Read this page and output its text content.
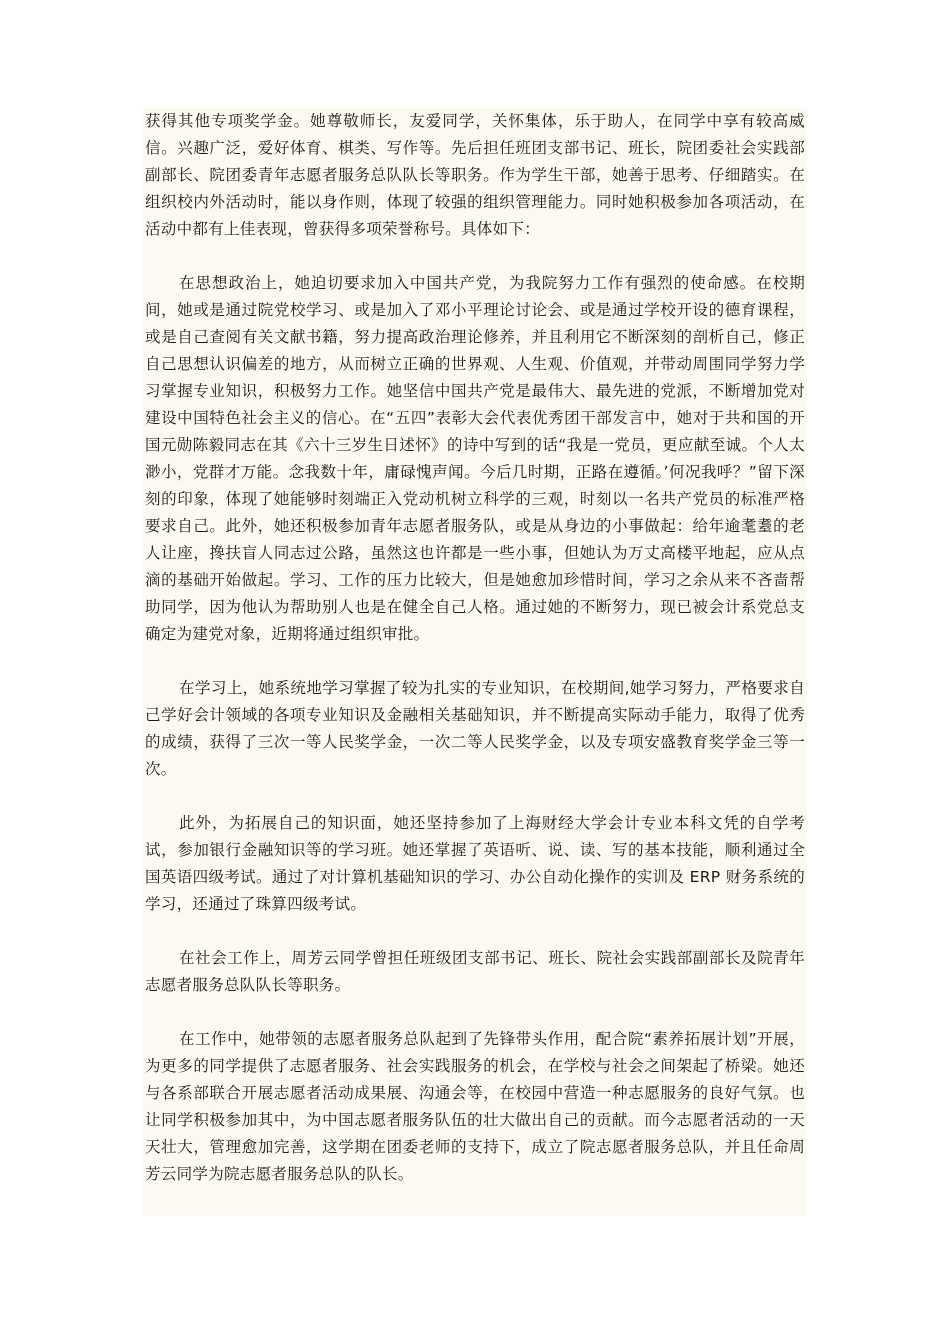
获得其他专项奖学金。她尊敬师长，友爱同学，关怀集体，乐于助人，在同学中享有较高威信。兴趣广泛，爱好体育、棋类、写作等。先后担任班团支部书记、班长，院团委社会实践部副部长、院团委青年志愿者服务总队队长等职务。作为学生干部，她善于思考、仔细踏实。在组织校内外活动时，能以身作则，体现了较强的组织管理能力。同时她积极参加各项活动，在活动中都有上佳表现，曾获得多项荣誉称号。具体如下：

在思想政治上，她迫切要求加入中国共产党，为我院努力工作有强烈的使命感。在校期间，她或是通过院党校学习、或是加入了邓小平理论讨论会、或是通过学校开设的德育课程，或是自己查阅有关文献书籍，努力提高政治理论修养，并且利用它不断深刻的剖析自己，修正自己思想认识偏差的地方，从而树立正确的世界观、人生观、价值观，并带动周围同学努力学习掌握专业知识，积极努力工作。她坚信中国共产党是最伟大、最先进的党派，不断增加党对建设中国特色社会主义的信心。在“五四”表彰大会代表优秀团干部发言中，她对于共和国的开国元勋陈毅同志在其《六十三岁生日述怀》的诗中写到的话“我是一党员，更应献至诚。个人太渺小，党群才万能。念我数十年，庸碌愧声闻。今后几时期，正路在遵循。’何况我呼？”留下深刻的印象，体现了她能够时刻端正入党动机树立科学的三观，时刻以一名共产党员的标准严格要求自己。此外，她还积极参加青年志愿者服务队，或是从身边的小事做起：给年逾耄耋的老人让座，搀扶盲人同志过公路，虽然这也许都是一些小事，但她认为万丈高楼平地起，应从点滴的基础开始做起。学习、工作的压力比较大，但是她愈加珍惜时间，学习之余从来不吝啬帮助同学，因为他认为帮助别人也是在健全自己人格。通过她的不断努力，现已被会计系党总支确定为建党对象，近期将通过组织审批。

在学习上，她系统地学习掌握了较为扎实的专业知识，在校期间,她学习努力，严格要求自己学好会计领域的各项专业知识及金融相关基础知识，并不断提高实际动手能力，取得了优秀的成绩，获得了三次一等人民奖学金，一次二等人民奖学金，以及专项安盛教育奖学金三等一次。

此外，为拓展自己的知识面，她还坚持参加了上海财经大学会计专业本科文凭的自学考试，参加银行金融知识等的学习班。她还掌握了英语听、说、读、写的基本技能，顺利通过全国英语四级考试。通过了对计算机基础知识的学习、办公自动化操作的实训及 ERP 财务系统的学习，还通过了珠算四级考试。

在社会工作上，周芳云同学曾担任班级团支部书记、班长、院社会实践部副部长及院青年志愿者服务总队队长等职务。

在工作中，她带领的志愿者服务总队起到了先锋带头作用，配合院“素养拓展计划”开展，为更多的同学提供了志愿者服务、社会实践服务的机会，在学校与社会之间架起了桥梁。她还与各系部联合开展志愿者活动成果展、沟通会等，在校园中营造一种志愿服务的良好气氛。也让同学积极参加其中，为中国志愿者服务队伍的壮大做出自己的贡献。而今志愿者活动的一天天壮大，管理愈加完善，这学期在团委老师的支持下，成立了院志愿者服务总队，并且任命周芳云同学为院志愿者服务总队的队长。
